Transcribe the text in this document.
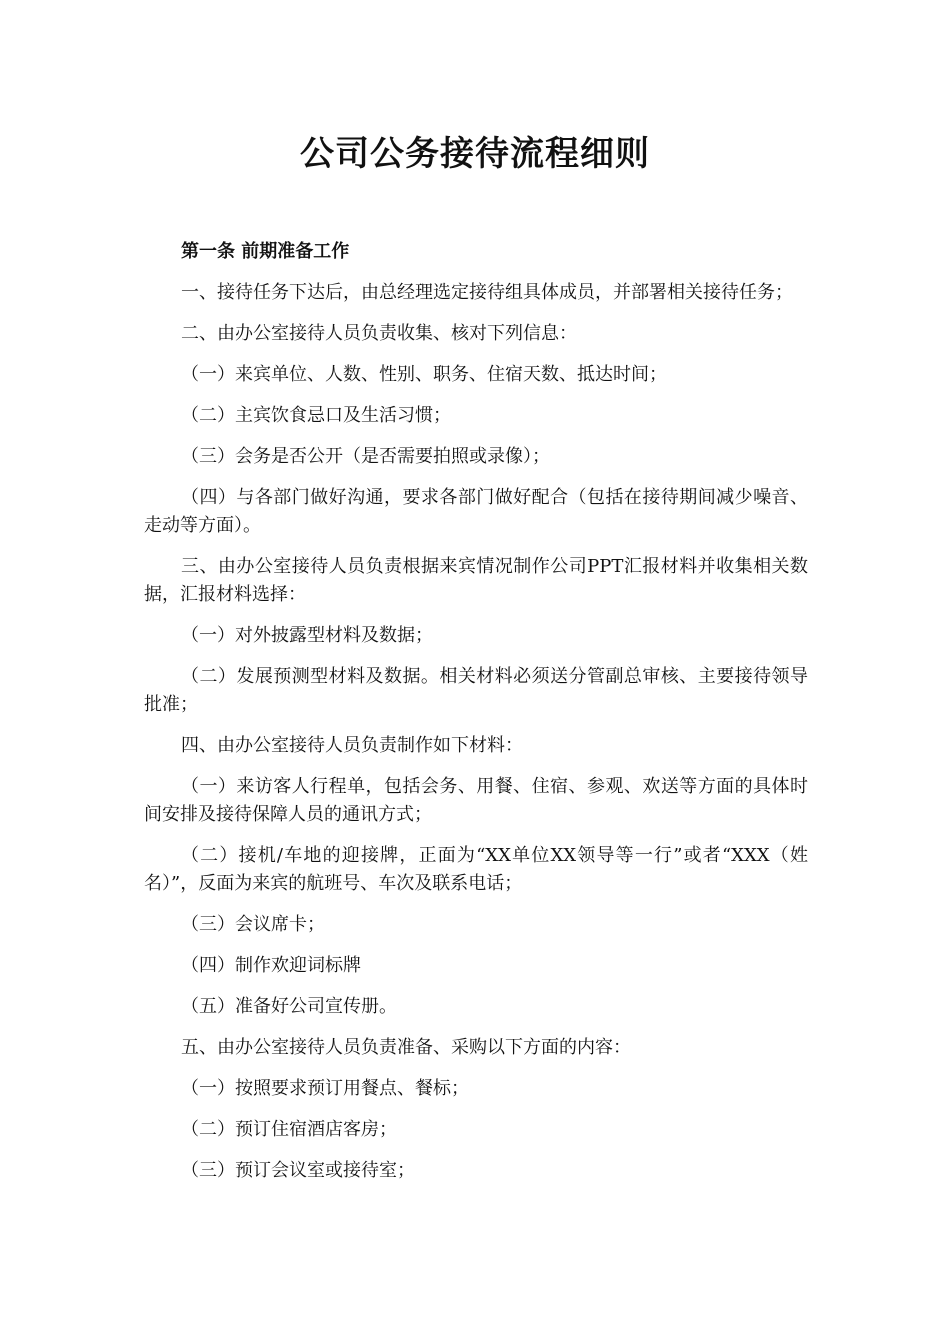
公司公务接待流程细则

第一条 前期准备工作

一、接待任务下达后，由总经理选定接待组具体成员，并部署相关接待任务；

二、由办公室接待人员负责收集、核对下列信息：

（一）来宾单位、人数、性别、职务、住宿天数、抵达时间；

（二）主宾饮食忌口及生活习惯；

（三）会务是否公开（是否需要拍照或录像）；

（四）与各部门做好沟通，要求各部门做好配合（包括在接待期间减少噪音、走动等方面）。

三、由办公室接待人员负责根据来宾情况制作公司PPT汇报材料并收集相关数据，汇报材料选择：

（一）对外披露型材料及数据；

（二）发展预测型材料及数据。相关材料必须送分管副总审核、主要接待领导批准；

四、由办公室接待人员负责制作如下材料：

（一）来访客人行程单，包括会务、用餐、住宿、参观、欢送等方面的具体时间安排及接待保障人员的通讯方式；

（二）接机/车地的迎接牌，正面为“XX单位XX领导等一行”或者“XXX（姓名）”，反面为来宾的航班号、车次及联系电话；

（三）会议席卡；

（四）制作欢迎词标牌

（五）准备好公司宣传册。

五、由办公室接待人员负责准备、采购以下方面的内容：

（一）按照要求预订用餐点、餐标；

（二）预订住宿酒店客房；

（三）预订会议室或接待室；
